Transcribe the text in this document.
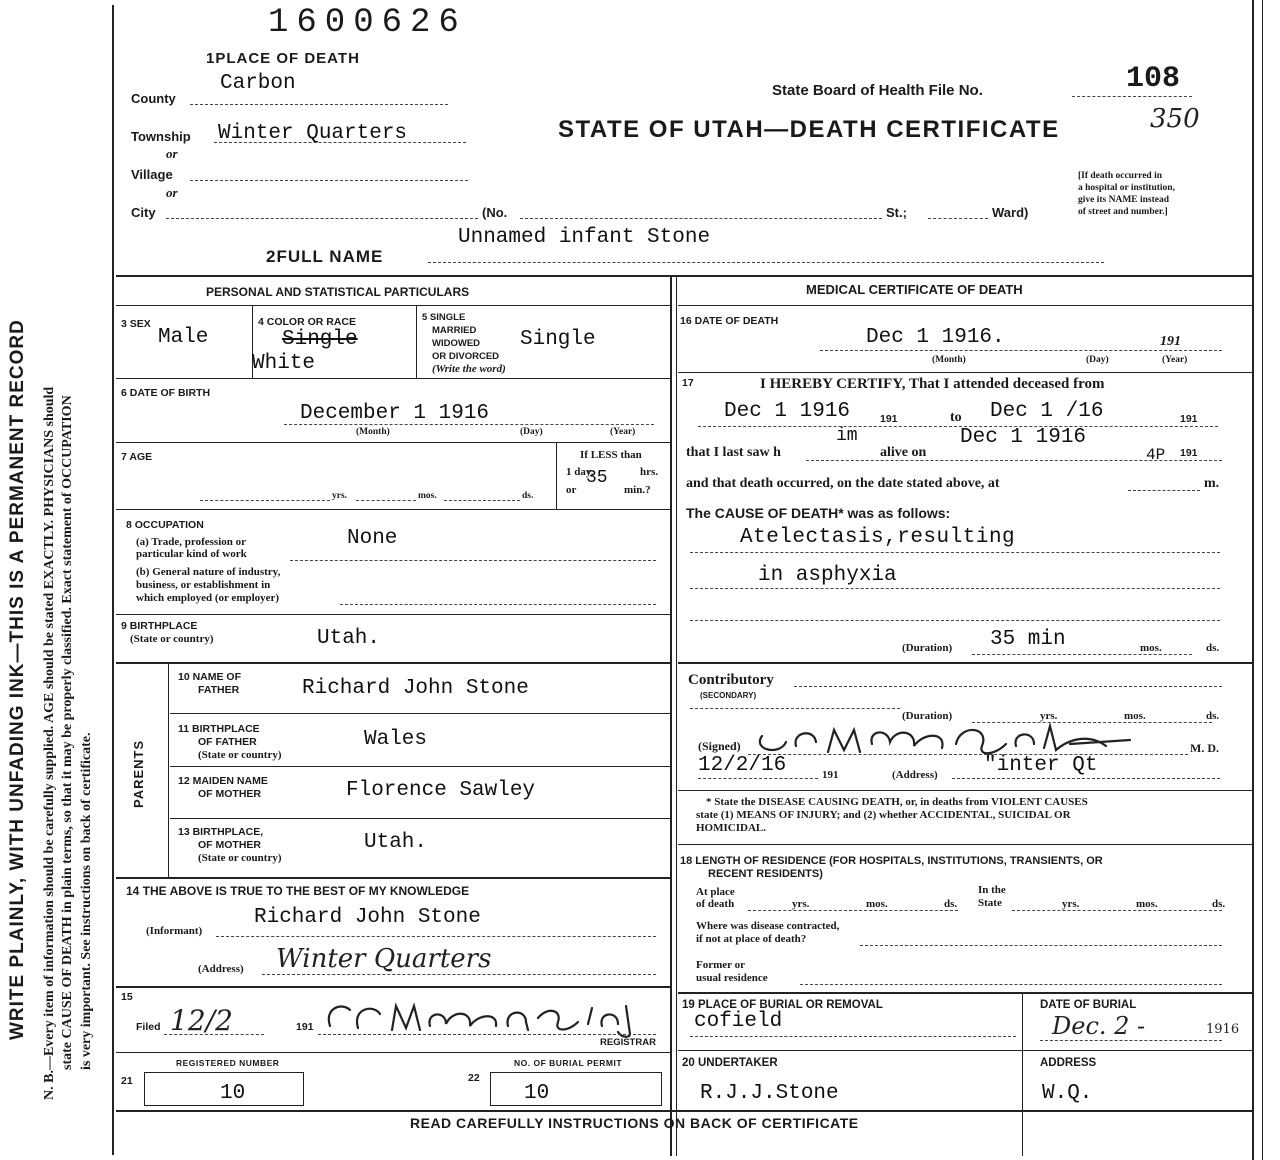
WRITE PLAINLY, WITH UNFADING INK—THIS IS A PERMANENT RECORD N. B.—Every item of information should be carefully supplied. AGE should be stated EXACTLY. PHYSICIANS should state CAUSE OF DEATH in plain terms, so that it may be properly classified. Exact statement of OCCUPATION is very important. See instructions on back of certificate.
1600626
1PLACE OF DEATH
County
Carbon
Township Winter Quarters
or
Village
or
City	(No.	St.;	Ward)
State Board of Health File No.	108
350
STATE OF UTAH—DEATH CERTIFICATE
[If death occurred in
a hospital or institution,
give its NAME instead
of street and number.]
Unnamed infant Stone
2FULL NAME
PERSONAL AND STATISTICAL PARTICULARS
3 SEX
Male
4 COLOR OR RACE
Single
White
5 SINGLE
MARRIED
WIDOWED
OR DIVORCED
(Write the word)
Single
6 DATE OF BIRTH
December 1 1916
(Month)	(Day)	(Year)
7 AGE
yrs.	mos.	ds.
If LESS than
1 day,	hrs.
or
35
min.?
8 OCCUPATION
(a) Trade, profession or
particular kind of work
None
(b) General nature of industry,
business, or establishment in
which employed (or employer)
9 BIRTHPLACE
(State or country)	Utah.
PARENTS
10 NAME OF
FATHER	Richard John Stone
11 BIRTHPLACE
OF FATHER
(State or country)
Wales
12 MAIDEN NAME
OF MOTHER	Florence Sawley
13 BIRTHPLACE,
OF MOTHER
(State or country)
Utah.
14 THE ABOVE IS TRUE TO THE BEST OF MY KNOWLEDGE
Richard John Stone
(Informant)
(Address) Winter Quarters
15
Filed 12/2	191
REGISTRAR
21
REGISTERED NUMBER
10
22
NO. OF BURIAL PERMIT
10
MEDICAL CERTIFICATE OF DEATH
16 DATE OF DEATH
Dec 1 1916.	191
(Month)	(Day)	(Year)
17	I HEREBY CERTIFY, That I attended deceased from
Dec 1 1916	191	to Dec 1 /16	191
im
that I last saw h	alive on
Dec 1 1916
4P 191
and that death occurred, on the date stated above, at	m.
The CAUSE OF DEATH* was as follows:
Atelectasis,resulting
in asphyxia
(Duration) 35 min	mos.	ds.
Contributory
(SECONDARY)
(Duration)	yrs.	mos.	ds.
(Signed)	M. D.
12/2/16	191	(Address) "inter Qt
* State the DISEASE CAUSING DEATH, or, in deaths from VIOLENT CAUSES
state (1) MEANS OF INJURY; and (2) whether ACCIDENTAL, SUICIDAL OR
HOMICIDAL.
18 LENGTH OF RESIDENCE (FOR HOSPITALS, INSTITUTIONS, TRANSIENTS, OR
RECENT RESIDENTS)
At place
of death	yrs.	mos.	ds.
In the
State	yrs.	mos.	ds.
Where was disease contracted,
if not at place of death?
Former or
usual residence
19 PLACE OF BURIAL OR REMOVAL
cofield
DATE OF BURIAL
Dec. 2 -	1916
20 UNDERTAKER
R.J.J.Stone
ADDRESS
W.Q.
READ CAREFULLY INSTRUCTIONS ON BACK OF CERTIFICATE
